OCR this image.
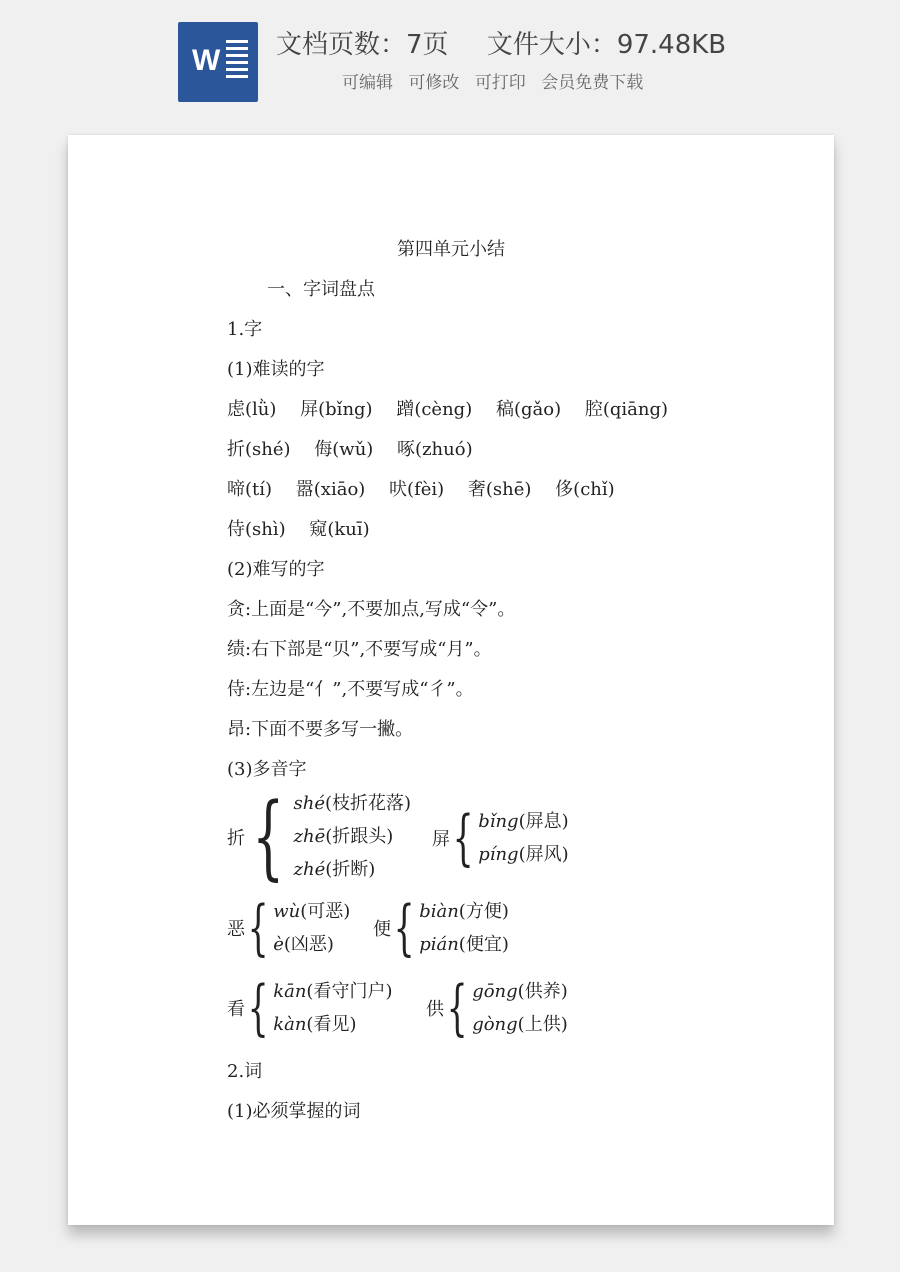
W 文档页数：7页 文件大小：97.48KB
可编辑 可修改 可打印 会员免费下载
第四单元小结
一、字词盘点
1.字
(1)难读的字
虑(lǜ) 屏(bǐng) 蹭(cèng) 稿(gǎo) 腔(qiāng)
折(shé) 侮(wǔ) 啄(zhuó)
啼(tí) 嚣(xiāo) 吠(fèi) 奢(shē) 侈(chǐ)
侍(shì) 窥(kuī)
(2)难写的字
贪:上面是“今”,不要加点,写成“令”。
绩:右下部是“贝”,不要写成“月”。
侍:左边是“亻”,不要写成“彳”。
昂:下面不要多写一撇。
(3)多音字
折 { shé(枝折花落)
zhē(折跟头)
zhé(折断)
屏 { bǐng(屏息)
píng(屏风)
恶 { wù(可恶)
è(凶恶)
便 { biàn(方便)
pián(便宜)
看 { kān(看守门户)
kàn(看见)
供 { gōng(供养)
gòng(上供)
2.词
(1)必须掌握的词
